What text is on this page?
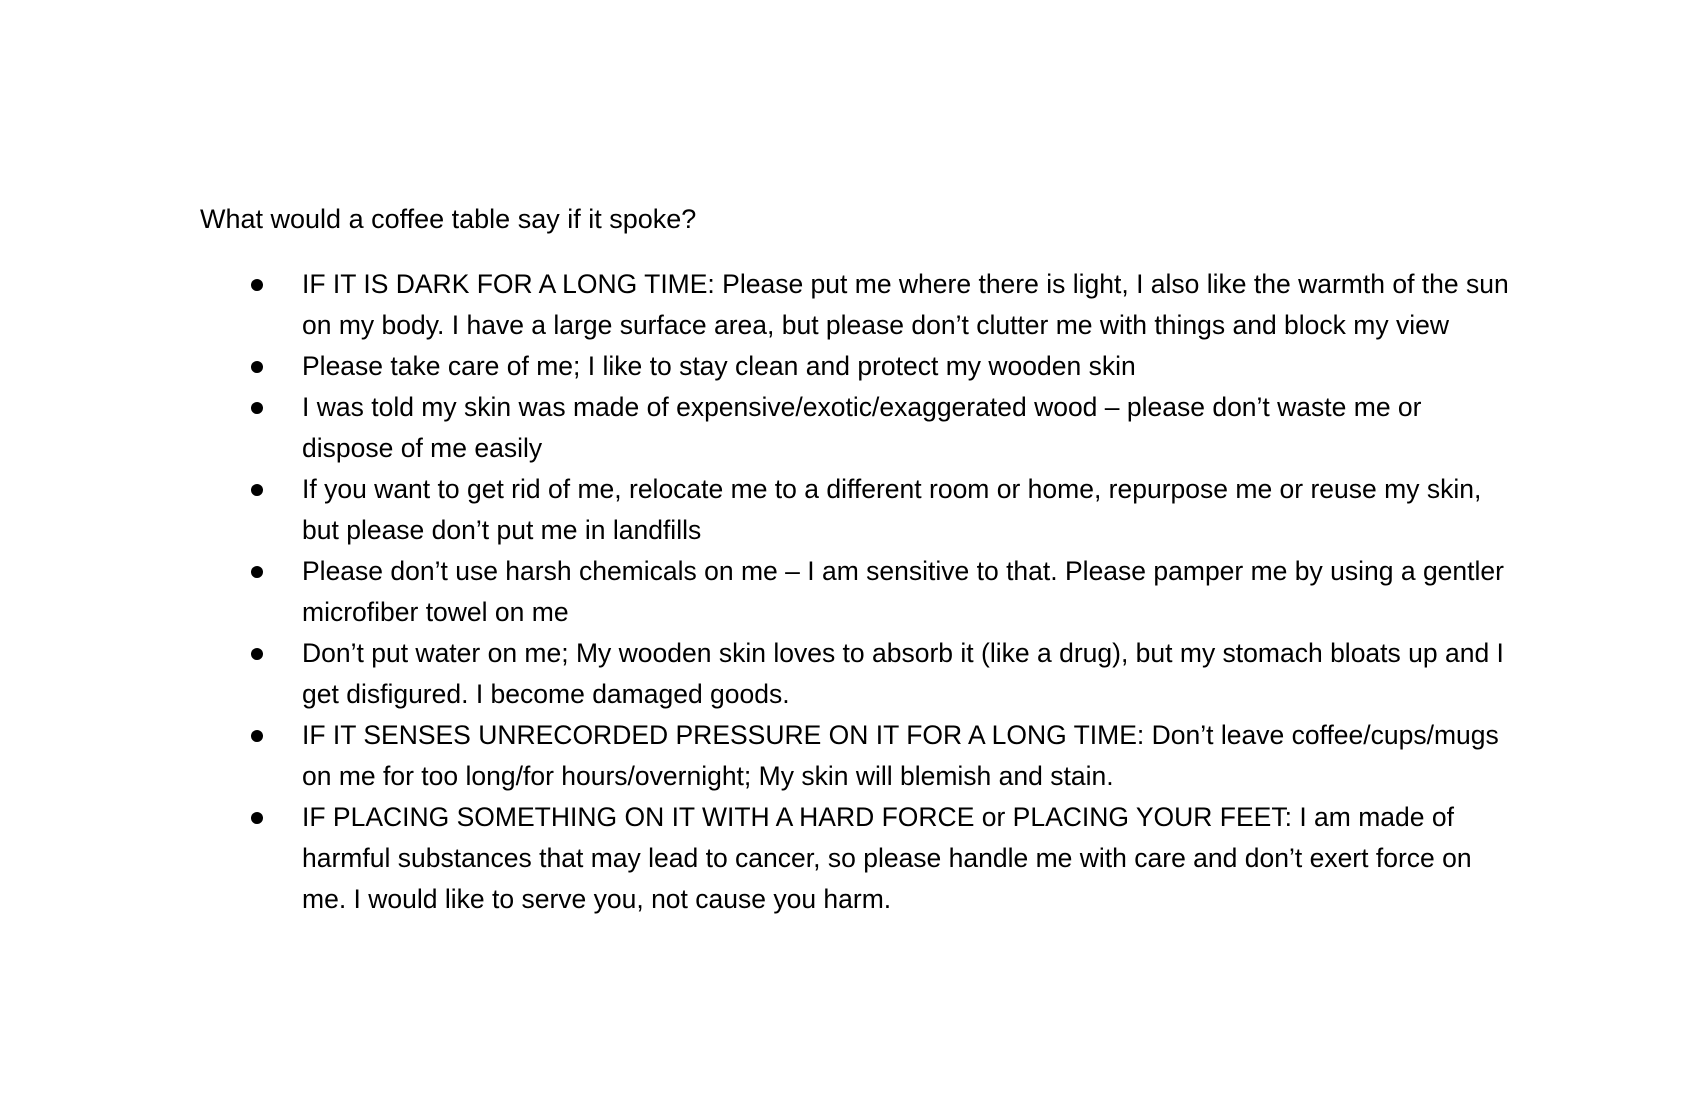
What would a coffee table say if it spoke?

IF IT IS DARK FOR A LONG TIME: Please put me where there is light, I also like the warmth of the sun on my body. I have a large surface area, but please don’t clutter me with things and block my view
Please take care of me; I like to stay clean and protect my wooden skin
I was told my skin was made of expensive/exotic/exaggerated wood – please don’t waste me or dispose of me easily
If you want to get rid of me, relocate me to a different room or home, repurpose me or reuse my skin, but please don’t put me in landfills
Please don’t use harsh chemicals on me – I am sensitive to that. Please pamper me by using a gentler microfiber towel on me
Don’t put water on me; My wooden skin loves to absorb it (like a drug), but my stomach bloats up and I get disfigured. I become damaged goods.
IF IT SENSES UNRECORDED PRESSURE ON IT FOR A LONG TIME: Don’t leave coffee/cups/mugs on me for too long/for hours/overnight; My skin will blemish and stain.
IF PLACING SOMETHING ON IT WITH A HARD FORCE or PLACING YOUR FEET: I am made of harmful substances that may lead to cancer, so please handle me with care and don’t exert force on me. I would like to serve you, not cause you harm.
